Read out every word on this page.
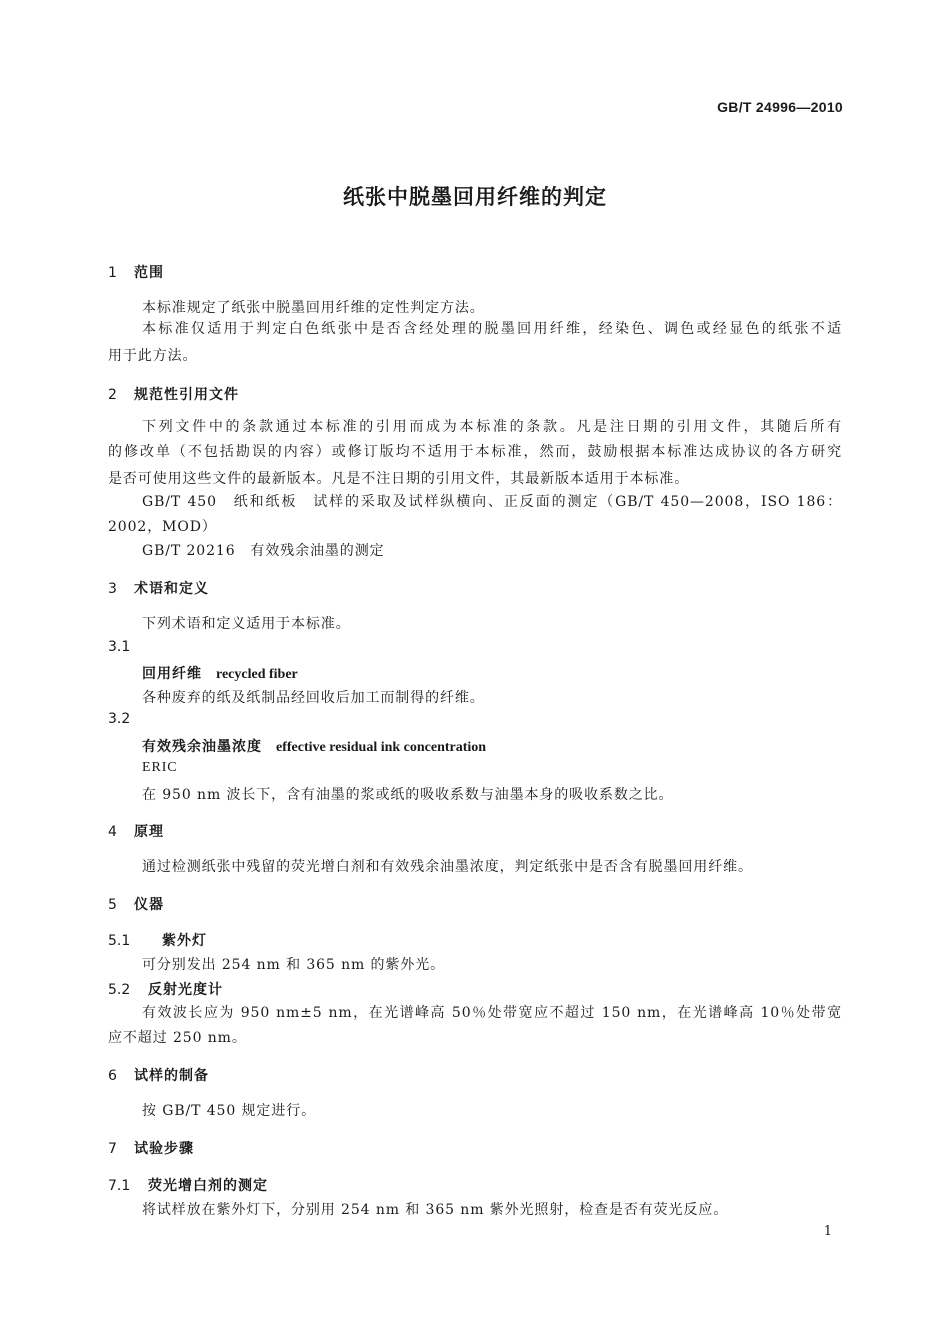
GB/T 24996—2010
纸张中脱墨回用纤维的判定
1 范围
本标准规定了纸张中脱墨回用纤维的定性判定方法。
本标准仅适用于判定白色纸张中是否含经处理的脱墨回用纤维，经染色、调色或经显色的纸张不适
用于此方法。
2 规范性引用文件
下列文件中的条款通过本标准的引用而成为本标准的条款。凡是注日期的引用文件，其随后所有
的修改单（不包括勘误的内容）或修订版均不适用于本标准，然而，鼓励根据本标准达成协议的各方研究
是否可使用这些文件的最新版本。凡是不注日期的引用文件，其最新版本适用于本标准。
GB/T 450　纸和纸板　试样的采取及试样纵横向、正反面的测定（GB/T 450—2008，ISO 186：
2002，MOD）
GB/T 20216　有效残余油墨的测定
3 术语和定义
下列术语和定义适用于本标准。
3.1
回用纤维 recycled fiber
各种废弃的纸及纸制品经回收后加工而制得的纤维。
3.2
有效残余油墨浓度 effective residual ink concentration
ERIC
在 950 nm 波长下，含有油墨的浆或纸的吸收系数与油墨本身的吸收系数之比。
4 原理
通过检测纸张中残留的荧光增白剂和有效残余油墨浓度，判定纸张中是否含有脱墨回用纤维。
5 仪器
5.1 紫外灯
可分别发出 254 nm 和 365 nm 的紫外光。
5.2 反射光度计
有效波长应为 950 nm±5 nm，在光谱峰高 50％处带宽应不超过 150 nm，在光谱峰高 10％处带宽
应不超过 250 nm。
6 试样的制备
按 GB/T 450 规定进行。
7 试验步骤
7.1 荧光增白剂的测定
将试样放在紫外灯下，分别用 254 nm 和 365 nm 紫外光照射，检查是否有荧光反应。
1
